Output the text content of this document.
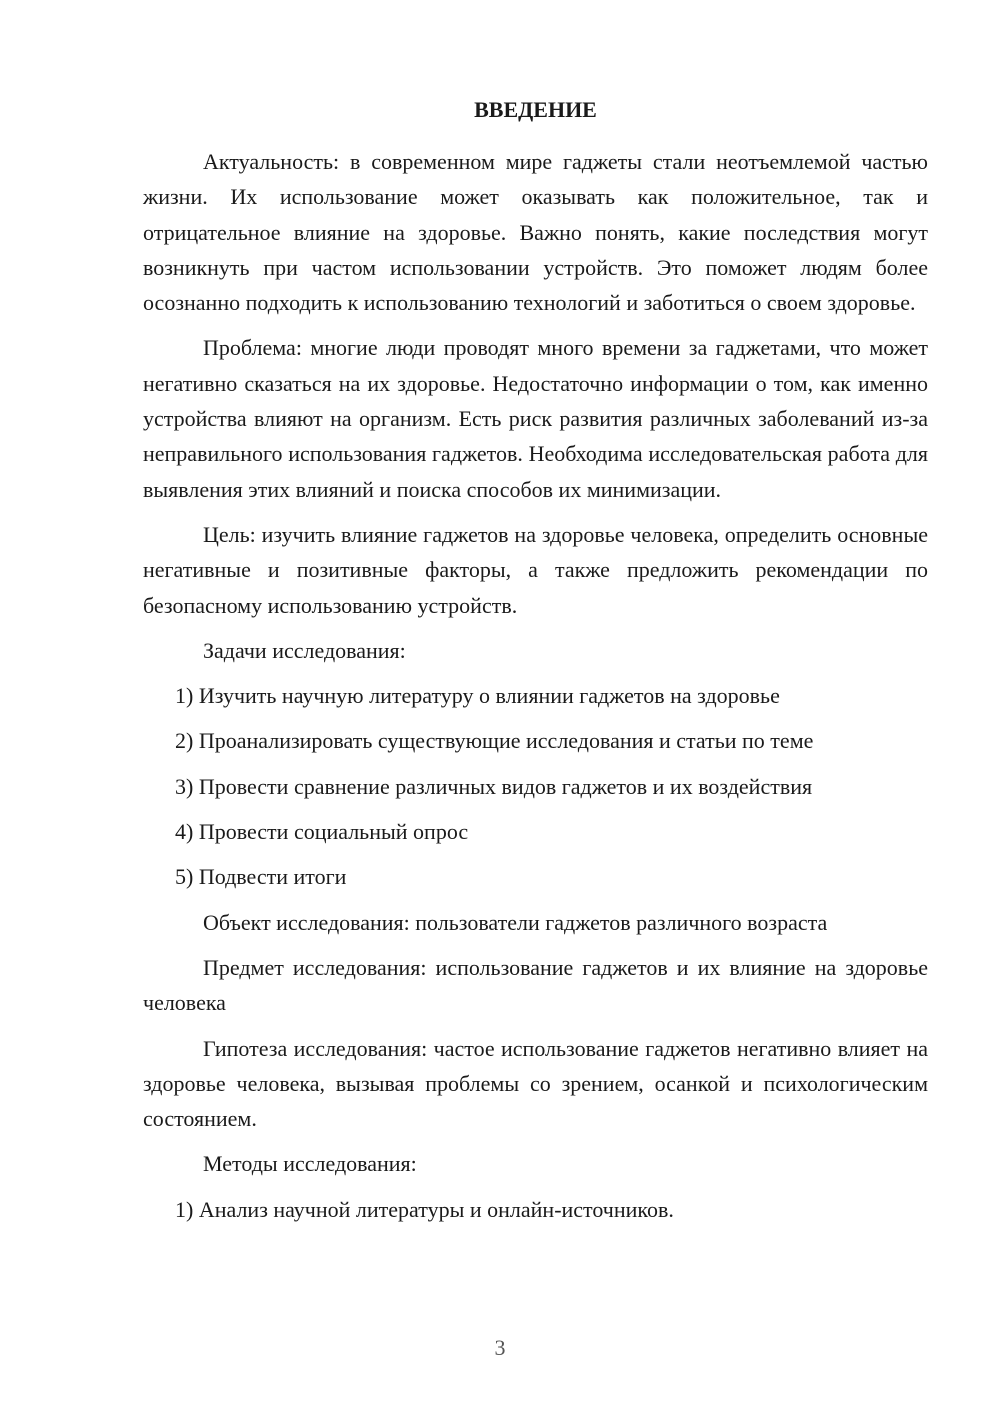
ВВЕДЕНИЕ

Актуальность: в современном мире гаджеты стали неотъемлемой частью жизни. Их использование может оказывать как положительное, так и отрицательное влияние на здоровье. Важно понять, какие последствия могут возникнуть при частом использовании устройств. Это поможет людям более осознанно подходить к использованию технологий и заботиться о своем здоровье.

Проблема: многие люди проводят много времени за гаджетами, что может негативно сказаться на их здоровье. Недостаточно информации о том, как именно устройства влияют на организм. Есть риск развития различных заболеваний из-за неправильного использования гаджетов. Необходима исследовательская работа для выявления этих влияний и поиска способов их минимизации.

Цель: изучить влияние гаджетов на здоровье человека, определить основные негативные и позитивные факторы, а также предложить рекомендации по безопасному использованию устройств.

Задачи исследования:

1) Изучить научную литературу о влиянии гаджетов на здоровье

2) Проанализировать существующие исследования и статьи по теме

3) Провести сравнение различных видов гаджетов и их воздействия

4) Провести социальный опрос

5) Подвести итоги

Объект исследования: пользователи гаджетов различного возраста

Предмет исследования: использование гаджетов и их влияние на здоровье человека

Гипотеза исследования: частое использование гаджетов негативно влияет на здоровье человека, вызывая проблемы со зрением, осанкой и психологическим состоянием.

Методы исследования:

1) Анализ научной литературы и онлайн-источников.

3
